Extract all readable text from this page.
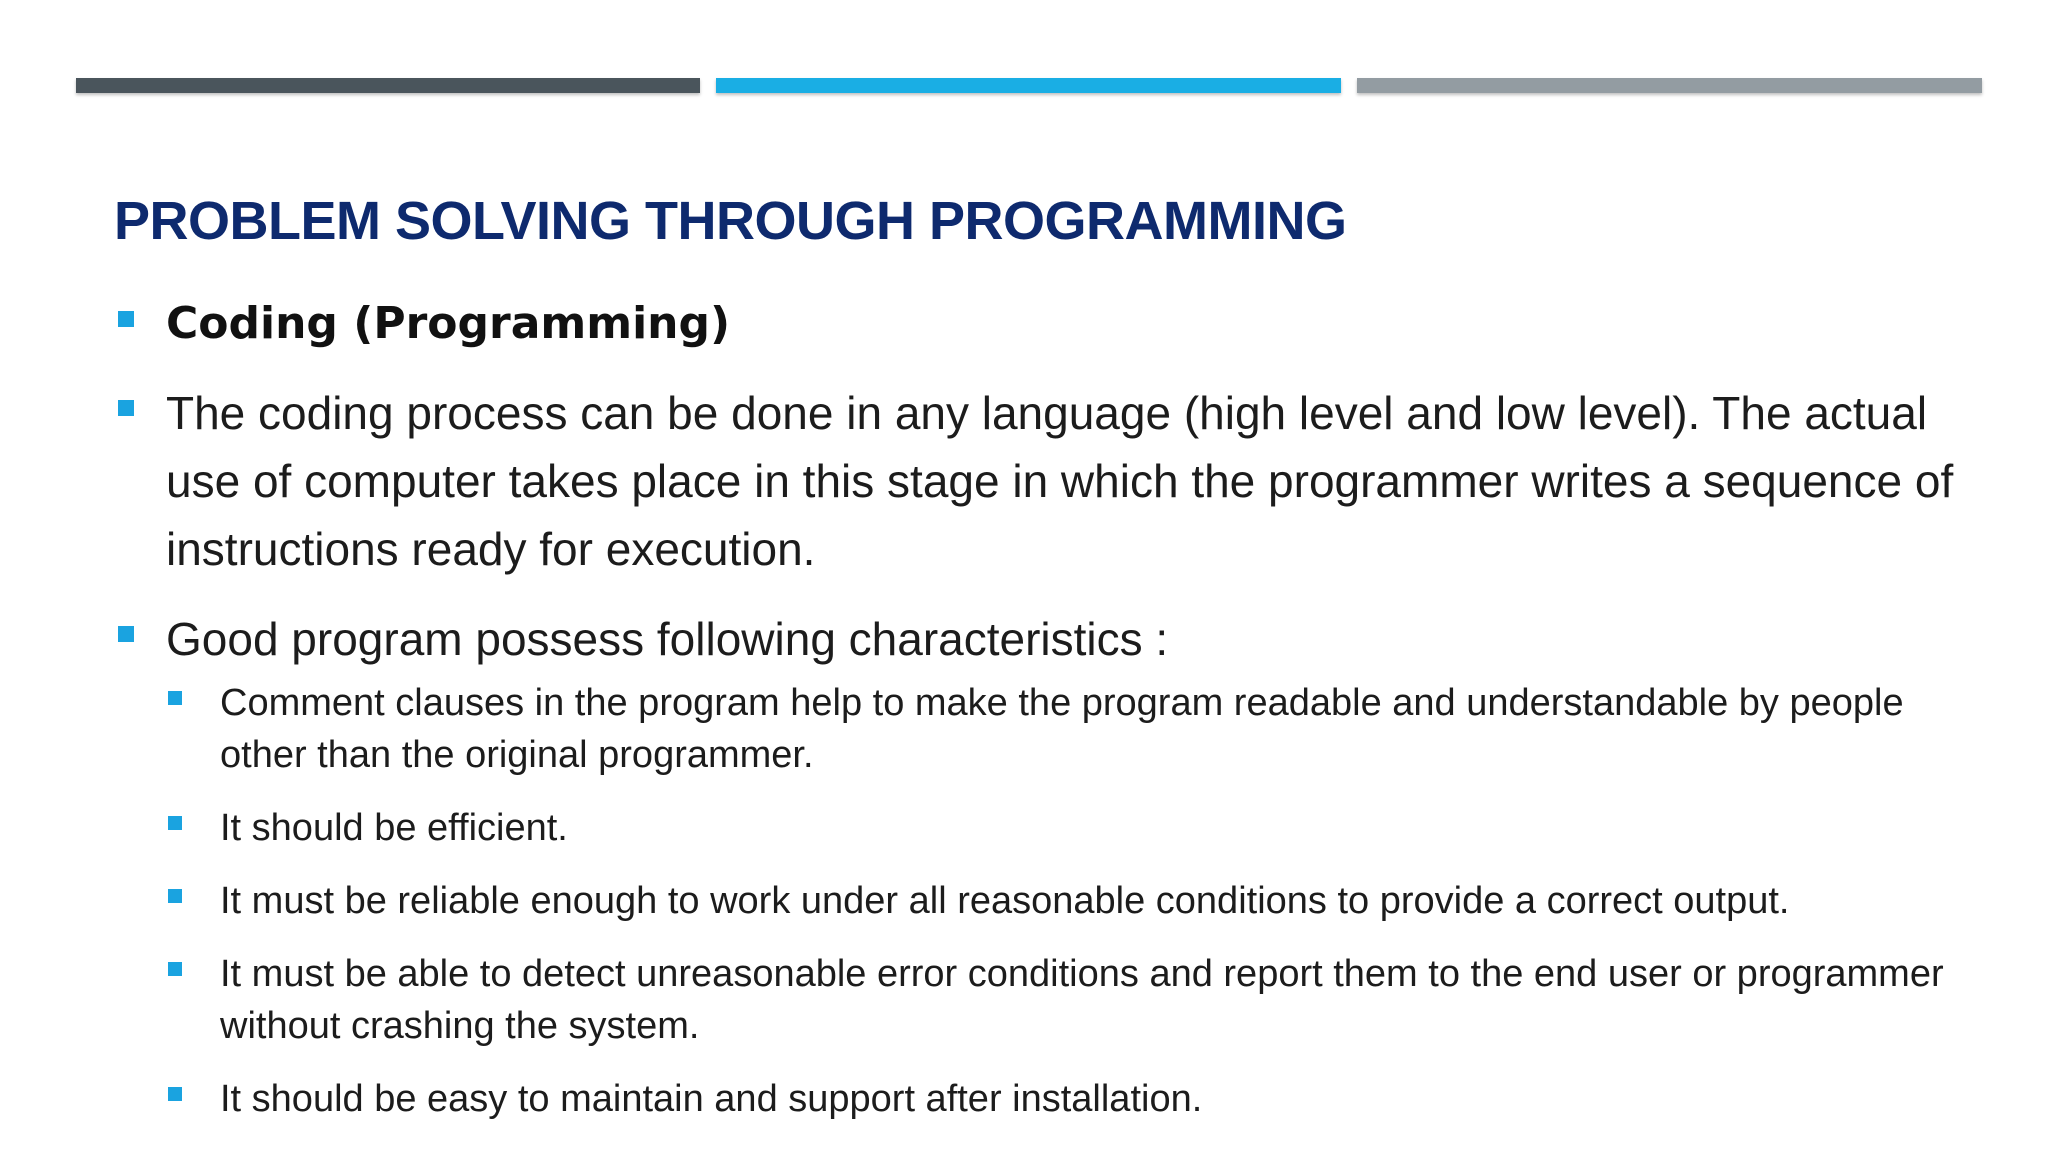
PROBLEM SOLVING THROUGH PROGRAMMING
Coding (Programming)
The coding process can be done in any language (high level and low level). The actual use of computer takes place in this stage in which the programmer writes a sequence of instructions ready for execution.
Good program possess following characteristics :
Comment clauses in the program help to make the program readable and understandable by people other than the original programmer.
It should be efficient.
It must be reliable enough to work under all reasonable conditions to provide a correct output.
It must be able to detect unreasonable error conditions and report them to the end user or programmer without crashing the system.
It should be easy to maintain and support after installation.
